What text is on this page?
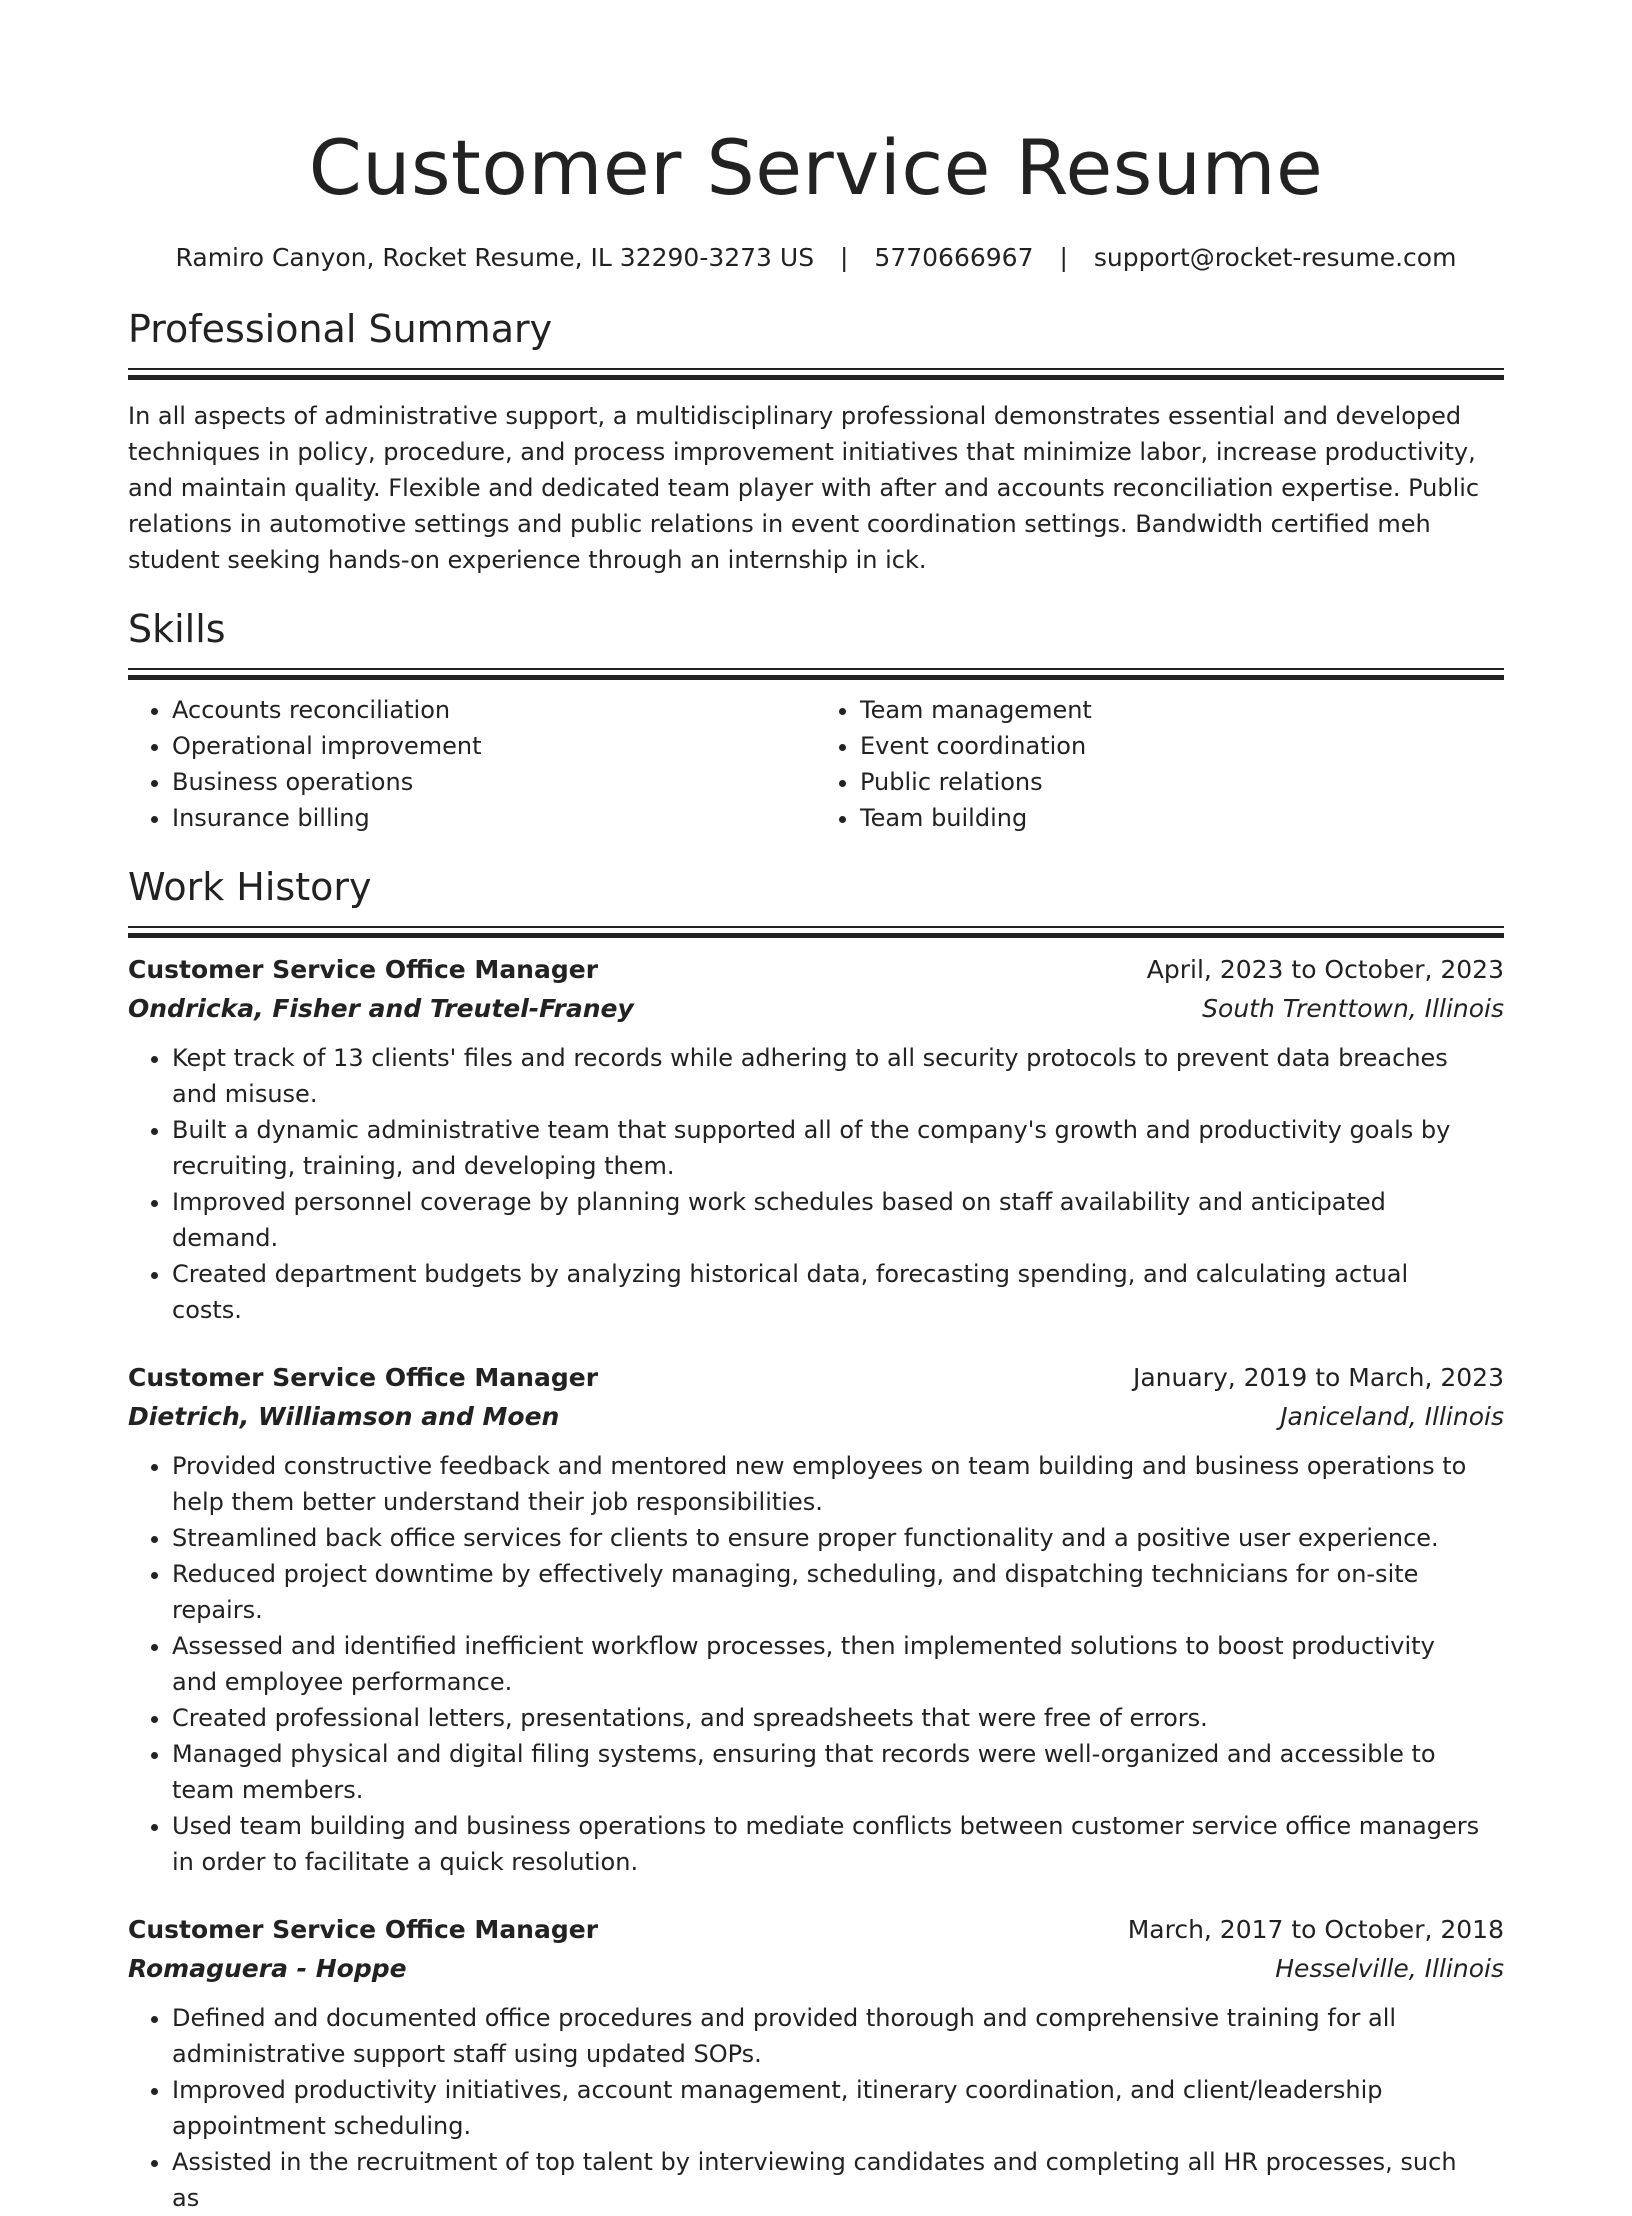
Customer Service Resume
Ramiro Canyon, Rocket Resume, IL 32290-3273 US | 5770666967 | support@rocket-resume.com
Professional Summary

In all aspects of administrative support, a multidisciplinary professional demonstrates essential and developed techniques in policy, procedure, and process improvement initiatives that minimize labor, increase productivity, and maintain quality. Flexible and dedicated team player with after and accounts reconciliation expertise. Public relations in automotive settings and public relations in event coordination settings. Bandwidth certified meh student seeking hands-on experience through an internship in ick.

Skills
• Accounts reconciliation
• Operational improvement
• Business operations
• Insurance billing
• Team management
• Event coordination
• Public relations
• Team building
Work History
Customer Service Office Manager	April, 2023 to October, 2023
Ondricka, Fisher and Treutel-Franey	South Trenttown, Illinois
• Kept track of 13 clients' files and records while adhering to all security protocols to prevent data breaches and misuse.
• Built a dynamic administrative team that supported all of the company's growth and productivity goals by recruiting, training, and developing them.
• Improved personnel coverage by planning work schedules based on staff availability and anticipated demand.
• Created department budgets by analyzing historical data, forecasting spending, and calculating actual costs.
Customer Service Office Manager	January, 2019 to March, 2023
Dietrich, Williamson and Moen	Janiceland, Illinois
• Provided constructive feedback and mentored new employees on team building and business operations to help them better understand their job responsibilities.
• Streamlined back office services for clients to ensure proper functionality and a positive user experience.
• Reduced project downtime by effectively managing, scheduling, and dispatching technicians for on-site repairs.
• Assessed and identified inefficient workflow processes, then implemented solutions to boost productivity and employee performance.
• Created professional letters, presentations, and spreadsheets that were free of errors.
• Managed physical and digital filing systems, ensuring that records were well-organized and accessible to team members.
• Used team building and business operations to mediate conflicts between customer service office managers in order to facilitate a quick resolution.
Customer Service Office Manager	March, 2017 to October, 2018
Romaguera - Hoppe	Hesselville, Illinois
• Defined and documented office procedures and provided thorough and comprehensive training for all administrative support staff using updated SOPs.
• Improved productivity initiatives, account management, itinerary coordination, and client/leadership appointment scheduling.
• Assisted in the recruitment of top talent by interviewing candidates and completing all HR processes, such as
